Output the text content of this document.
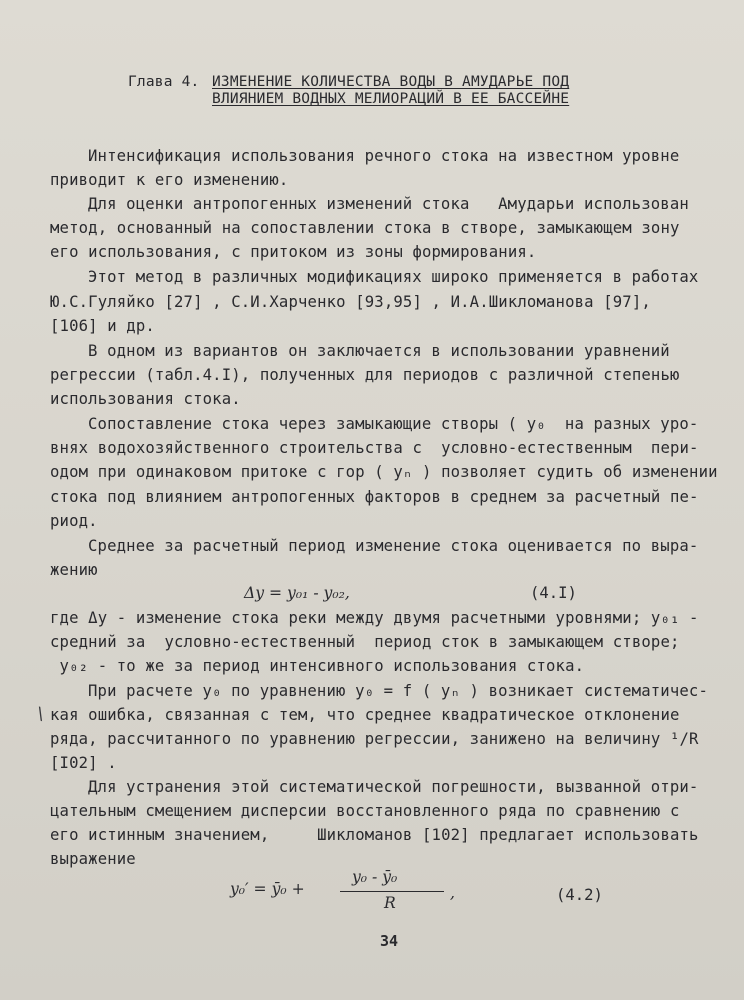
Глава 4. ИЗМЕНЕНИЕ КОЛИЧЕСТВА ВОДЫ В АМУДАРЬЕ ПОД
ВЛИЯНИЕМ ВОДНЫХ МЕЛИОРАЦИЙ В ЕЕ БАССЕЙНЕ
Интенсификация использования речного стока на известном уровне
приводит к его изменению.
Для оценки антропогенных изменений стока   Амударьи использован
метод, основанный на сопоставлении стока в створе, замыкающем зону
его использования, с притоком из зоны формирования.
Этот метод в различных модификациях широко применяется в работах
Ю.С.Гуляйко [27] , С.И.Харченко [93,95] , И.А.Шикломанова [97],
[106] и др.
В одном из вариантов он заключается в использовании уравнений
регрессии (табл.4.I), полученных для периодов с различной степенью
использования стока.
Сопоставление стока через замыкающие створы ( y₀  на разных уро-
внях водохозяйственного строительства с  условно-естественным  пери-
одом при одинаковом притоке с гор ( yₙ ) позволяет судить об изменении
стока под влиянием антропогенных факторов в среднем за расчетный пе-
риод.
Среднее за расчетный период изменение стока оценивается по выра-
жению
Δy = y₀₁ - y₀₂,	(4.I)
где Δy - изменение стока реки между двумя расчетными уровнями; y₀₁ -
средний за  условно-естественный  период сток в замыкающем створе;
y₀₂ - то же за период интенсивного использования стока.
При расчете y₀ по уравнению y₀ = f ( yₙ ) возникает систематичес-
кая ошибка, связанная с тем, что среднее квадратическое отклонение
ряда, рассчитанного по уравнению регрессии, занижено на величину ¹/R
[I02] .
Для устранения этой систематической погрешности, вызванной отри-
цательным смещением дисперсии восстановленного ряда по сравнению с
его истинным значением,     Шикломанов [102] предлагает использовать
выражение
y₀′ = ȳ₀ +
y₀ - ȳ₀
R
,	(4.2)
\
34
